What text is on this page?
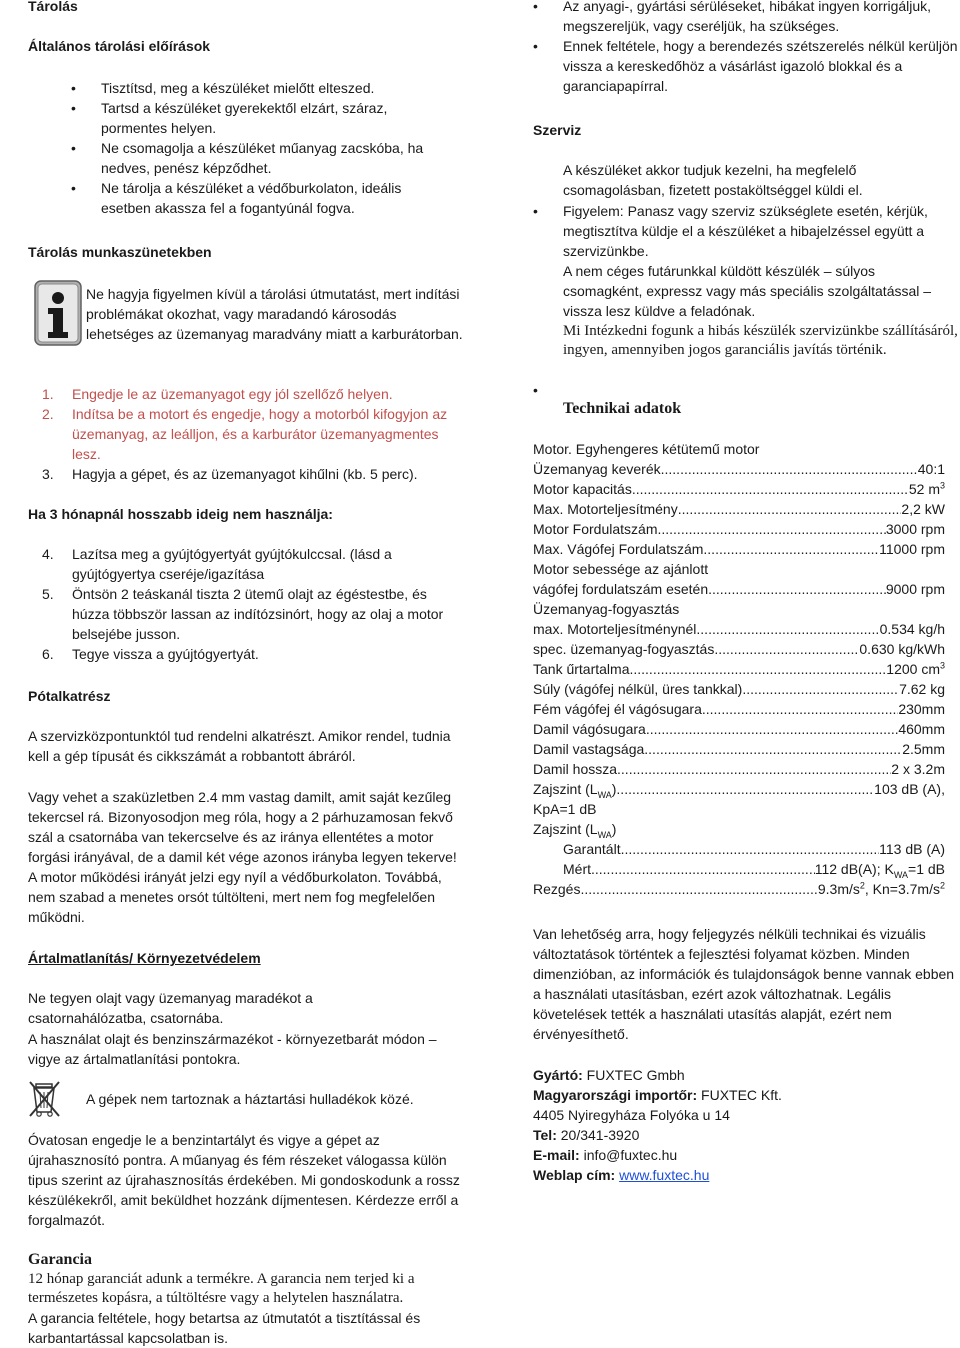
Tárolás
Általános tárolási előírások
• Tisztítsd, meg a készüléket mielőtt elteszed.
• Tartsd a készüléket gyerekektől elzárt, száraz, pormentes helyen.
• Ne csomagolja a készüléket műanyag zacskóba, ha nedves, penész képződhet.
• Ne tárolja a készüléket a védőburkolaton, ideális esetben akassza fel a fogantyúnál fogva.
Tárolás munkaszünetekben
Ne hagyja figyelmen kívül a tárolási útmutatást, mert indítási problémákat okozhat, vagy maradandó károsodás lehetséges az üzemanyag maradvány miatt a karburátorban.
1. Engedje le az üzemanyagot egy jól szellőző helyen.
2. Indítsa be a motort és engedje, hogy a motorból kifogyjon az üzemanyag, az leálljon, és a karburátor üzemanyagmentes lesz.
3. Hagyja a gépet, és az üzemanyagot kihűlni (kb. 5 perc).
Ha 3 hónapnál hosszabb ideig nem használja:
4. Lazítsa meg a gyújtógyertyát gyújtókulccsal. (lásd a gyújtógyertya cseréje/igazítása
5. Öntsön 2 teáskanál tiszta 2 ütemű olajt az égéstestbe, és húzza többször lassan az indítózsinórt, hogy az olaj a motor belsejébe jusson.
6. Tegye vissza a gyújtógyertyát.
Pótalkatrész
A szervizközpontunktól tud rendelni alkatrészt. Amikor rendel, tudnia kell a gép típusát és cikkszámát a robbantott ábráról.
Vagy vehet a szaküzletben 2.4 mm vastag damilt, amit saját kezűleg tekercsel rá. Bizonyosodjon meg róla, hogy a 2 párhuzamosan fekvő szál a csatornába van tekercselve és az iránya ellentétes a motor forgási irányával, de a damil két vége azonos irányba legyen tekerve! A motor működési irányát jelzi egy nyíl a védőburkolaton. Továbbá, nem szabad a menetes orsót túltölteni, mert nem fog megfelelően működni.
Ártalmatlanítás/ Környezetvédelem
Ne tegyen olajt vagy üzemanyag maradékot a csatornahálózatba, csatornába.
A használat olajt és benzinszármazékot - környezetbarát módon – vigye az ártalmatlanítási pontokra.
A gépek nem tartoznak a háztartási hulladékok közé.
Óvatosan engedje le a benzintartályt és vigye a gépet az újrahasznosító pontra. A műanyag és fém részeket válogassa külön tipus szerint az újrahasznosítás érdekében. Mi gondoskodunk a rossz készülékekről, amit beküldhet hozzánk díjmentesen. Kérdezze erről a forgalmazót.
Garancia
12 hónap garanciát adunk a termékre. A garancia nem terjed ki a természetes kopásra, a túltöltésre vagy a helytelen használatra.
A garancia feltétele, hogy betartsa az útmutatót a tisztítással és karbantartással kapcsolatban is.
• Az anyagi-, gyártási sérüléseket, hibákat ingyen korrigáljuk, megszereljük, vagy cseréljük, ha szükséges.
• Ennek feltétele, hogy a berendezés szétszerelés nélkül kerüljön vissza a kereskedőhöz a vásárlást igazoló blokkal és a garanciapapírral.
Szerviz
A készüléket akkor tudjuk kezelni, ha megfelelő csomagolásban, fizetett postaköltséggel küldi el.
• Figyelem: Panasz vagy szerviz szükséglete esetén, kérjük, megtisztítva küldje el a készüléket a hibajelzéssel együtt a szervizünkbe.
A nem céges futárunkkal küldött készülék – súlyos csomagként, expressz vagy más speciális szolgáltatással – vissza lesz küldve a feladónak.
Mi Intézkedni fogunk a hibás készülék szervizünkbe szállításáról, ingyen, amennyiben jogos garanciális javítás történik.
•
Technikai adatok
Motor. Egyhengeres kétütemű motor
Üzemanyag keverék .....	40:1
Motor kapacitás .....	52 $m^3$
Max. Motorteljesítmény .....	2,2 kW
Motor Fordulatszám .....	3000 rpm
Max. Vágófej Fordulatszám .....	11000 rpm
Motor sebessége az ajánlott
vágófej fordulatszám esetén .....	9000 rpm
Üzemanyag-fogyasztás
max. Motorteljesítménynél .....	0.534 kg/h
spec. üzemanyag-fogyasztás .....	0.630 kg/kWh
Tank űrtartalma .....	1200 $cm^3$
Súly (vágófej nélkül, üres tankkal) .....	7.62 kg
Fém vágófej él vágósugara .....	230mm
Damil vágósugara .....	460mm
Damil vastagsága .....	2.5mm
Damil hossza .....	2 x 3.2m
Zajszint $(L_{WA})$ .....	103 dB (A),
KpA=1 dB
Zajszint $(L_{WA})$
Garantált .....	113 dB (A)
Mért .....	112 dB(A); $K_{WA}=1$ dB
Rezgés .....	$9.3m/s^2$, $Kn=3.7m/s^2$
Van lehetőség arra, hogy feljegyzés nélküli technikai és vizuális változtatások történtek a fejlesztési folyamat közben. Minden dimenzióban, az információk és tulajdonságok benne vannak ebben a használati utasításban, ezért azok változhatnak. Legális követelések tették a használati utasítás alapját, ezért nem érvényesíthető.
Gyártó: FUXTEC Gmbh
Magyarországi importőr: FUXTEC Kft.
4405 Nyiregyháza Folyóka u 14
Tel: 20/341-3920
E-mail: info@fuxtec.hu
Weblap cím: www.fuxtec.hu
